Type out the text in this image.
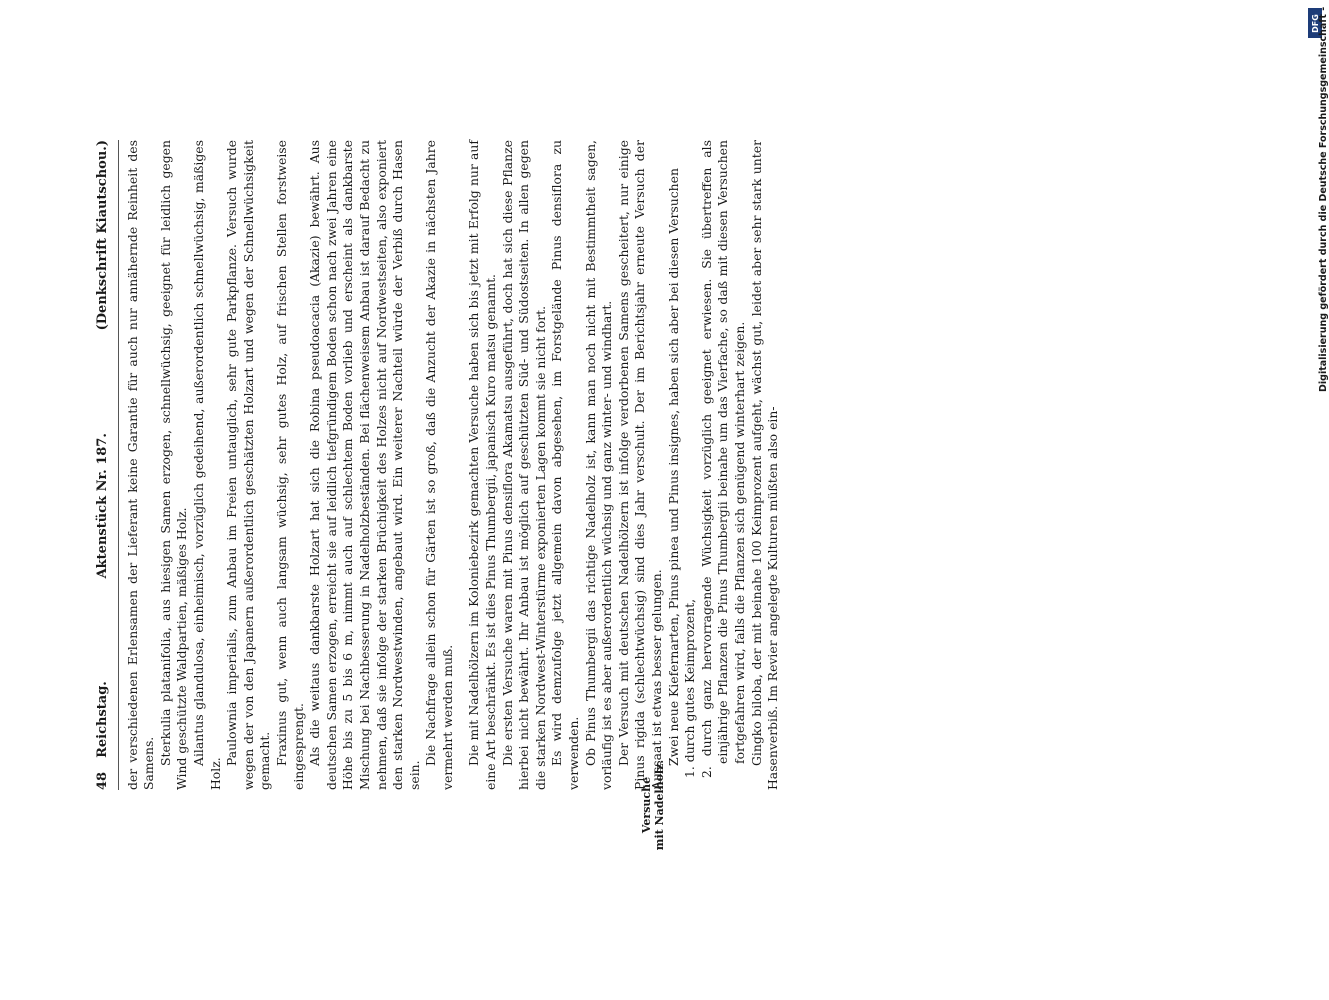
48
Reichstag.
Aktenstück Nr. 187.
(Denkschrift Kiautschou.) der verschiedenen Erlensamen der Lieferant keine Garantie für auch nur annähernde Reinheit des Samens. Sterkulia platanifolia, aus hiesigen Samen erzogen, schnellwüchsig, geeignet für leidlich gegen Wind geschützte Waldpartien, mäßiges Holz. Ailantus glandulosa, einheimisch, vorzüglich gedeihend, außerordentlich schnellwüchsig, mäßiges Holz.

Paulownia imperialis, zum Anbau im Freien untauglich, sehr gute Parkpflanze. Versuch wurde wegen der von den Japanern außerordentlich geschätzten Holzart und wegen der Schnellwüchsigkeit gemacht. Fraxinus gut, wenn auch langsam wüchsig, sehr gutes Holz, auf frischen Stellen forstweise eingesprengt. Als die weitaus dankbarste Holzart hat sich die Robina pseudoacacia (Akazie) bewährt. Aus deutschen Samen erzogen, erreicht sie auf leidlich tiefgründigem Boden schon nach zwei Jahren eine Höhe bis zu 5 bis 6 m, nimmt auch auf schlechtem Boden vorlieb und erscheint als dankbarste Mischung bei Nachbesserung in Nadelholzbeständen. Bei flächenweisem Anbau ist darauf Bedacht zu nehmen, daß sie infolge der starken Brüchigkeit des Holzes nicht auf Nordwestseiten, also exponiert den starken Nordwestwinden, angebaut wird. Ein weiterer Nachteil würde der Verbiß durch Hasen sein.

Die Nachfrage allein schon für Gärten ist so groß, daß die Anzucht der Akazie in nächsten Jahre vermehrt werden muß. Die mit Nadelhölzern im Koloniebezirk gemachten Versuche haben sich bis jetzt mit Erfolg nur auf eine Art beschränkt. Es ist dies Pinus Thumbergii, japanisch Kuro matsu genannt. Die ersten Versuche waren mit Pinus densiflora Akamatsu ausgeführt, doch hat sich diese Pflanze hierbei nicht bewährt. Ihr Anbau ist möglich auf geschützten Süd- und Südostseiten. In allen gegen die starken Nordwest-Winterstürme exponierten Lagen kommt sie nicht fort. Es wird demzufolge jetzt allgemein davon abgesehen, im Forstgelände Pinus densiflora zu verwenden. Ob Pinus Thumbergii das richtige Nadelholz ist, kann man noch nicht mit Bestimmtheit sagen, vorläufig ist es aber außerordentlich wüchsig und ganz winter- und windhart. Der Versuch mit deutschen Nadelhölzern ist infolge verdorbenen Samens gescheitert, nur einige Pinus rigida (schlechtwüchsig) sind dies Jahr verschult. Der im Berichtsjahr erneute Versuch der Aussaat ist etwas besser gelungen. Zwei neue Kiefernarten, Pinus pinea und Pinus insignes, haben sich aber bei diesen Versuchen 1. durch gutes Keimprozent, 2. durch ganz hervorragende Wüchsigkeit vorzüglich geeignet erwiesen. Sie übertreffen als einjährige Pflanzen die Pinus Thumbergii beinahe um das Vierfache, so daß mit diesen Versuchen fortgefahren wird, falls die Pflanzen sich genügend winterhart zeigen. Gingko biloba, der mit beinahe 100 Keimprozent aufgeht, wächst gut, leidet aber sehr stark unter Hasenverbiß. Im Revier angelegte Kulturen müßten also ein-

Versuche mit Nadelholz.
DFG
Digitalisierung gefördert durch die Deutsche Forschungsgemeinschaft -
